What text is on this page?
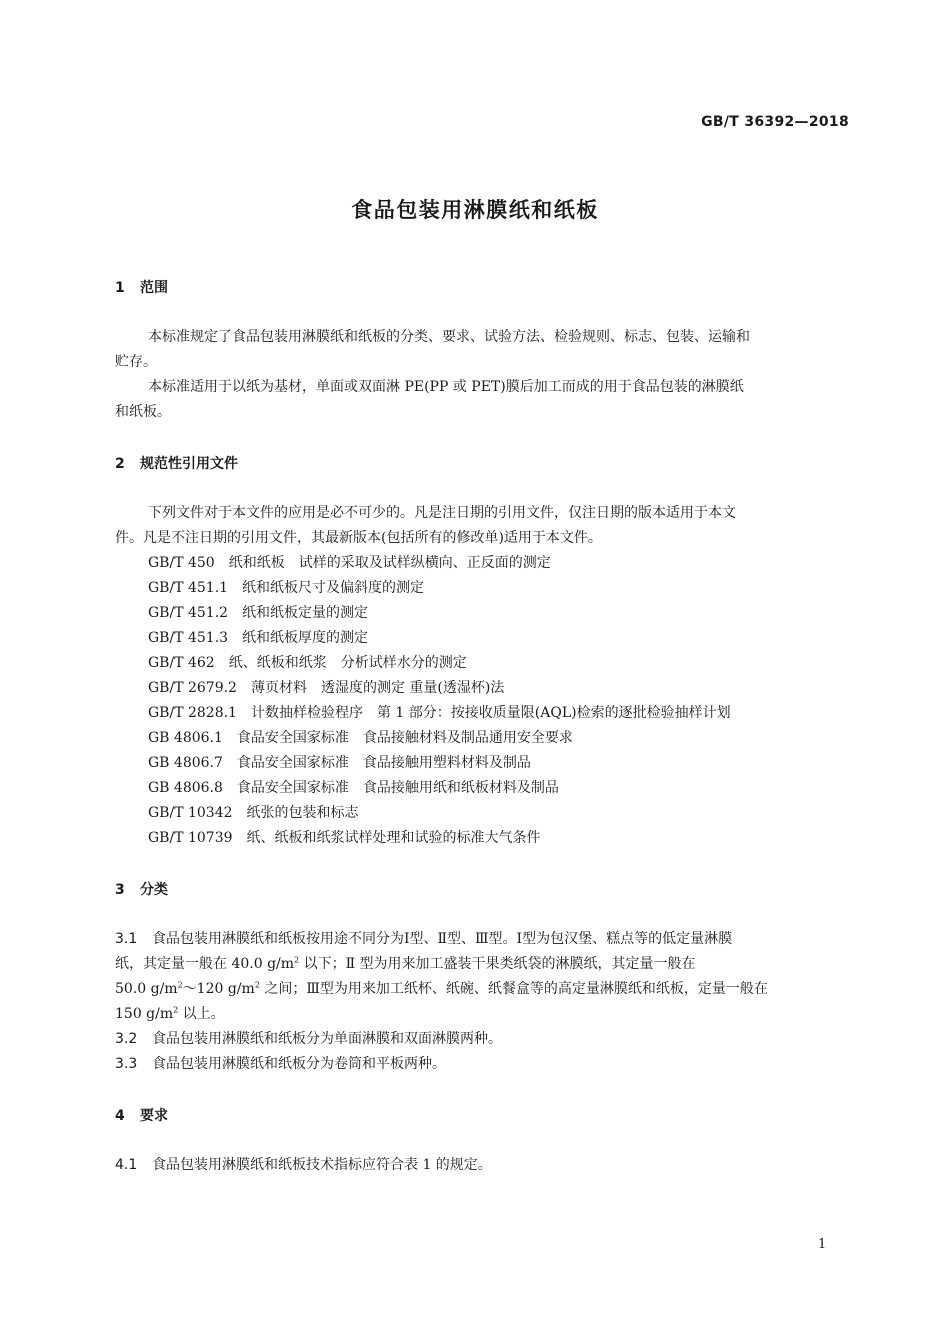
GB/T 36392—2018
食品包装用淋膜纸和纸板
1 范围
本标准规定了食品包装用淋膜纸和纸板的分类、要求、试验方法、检验规则、标志、包装、运输和
贮存。
本标准适用于以纸为基材，单面或双面淋 PE(PP 或 PET)膜后加工而成的用于食品包装的淋膜纸
和纸板。
2 规范性引用文件
下列文件对于本文件的应用是必不可少的。凡是注日期的引用文件，仅注日期的版本适用于本文
件。凡是不注日期的引用文件，其最新版本(包括所有的修改单)适用于本文件。
GB/T 450 纸和纸板　试样的采取及试样纵横向、正反面的测定
GB/T 451.1 纸和纸板尺寸及偏斜度的测定
GB/T 451.2 纸和纸板定量的测定
GB/T 451.3 纸和纸板厚度的测定
GB/T 462 纸、纸板和纸浆　分析试样水分的测定
GB/T 2679.2 薄页材料　透湿度的测定 重量(透湿杯)法
GB/T 2828.1 计数抽样检验程序　第 1 部分：按接收质量限(AQL)检索的逐批检验抽样计划
GB 4806.1 食品安全国家标准　食品接触材料及制品通用安全要求
GB 4806.7 食品安全国家标准　食品接触用塑料材料及制品
GB 4806.8 食品安全国家标准　食品接触用纸和纸板材料及制品
GB/T 10342 纸张的包装和标志
GB/T 10739 纸、纸板和纸浆试样处理和试验的标准大气条件
3 分类
3.1 食品包装用淋膜纸和纸板按用途不同分为Ⅰ型、Ⅱ型、Ⅲ型。Ⅰ型为包汉堡、糕点等的低定量淋膜
纸，其定量一般在 40.0 $g/m^2$ 以下；Ⅱ 型为用来加工盛装干果类纸袋的淋膜纸，其定量一般在
50.0 $g/m^2\sim 120$ $g/m^2$ 之间；Ⅲ型为用来加工纸杯、纸碗、纸餐盒等的高定量淋膜纸和纸板，定量一般在
150 $g/m^2$ 以上。
3.2 食品包装用淋膜纸和纸板分为单面淋膜和双面淋膜两种。
3.3 食品包装用淋膜纸和纸板分为卷筒和平板两种。
4 要求
4.1 食品包装用淋膜纸和纸板技术指标应符合表 1 的规定。
1
